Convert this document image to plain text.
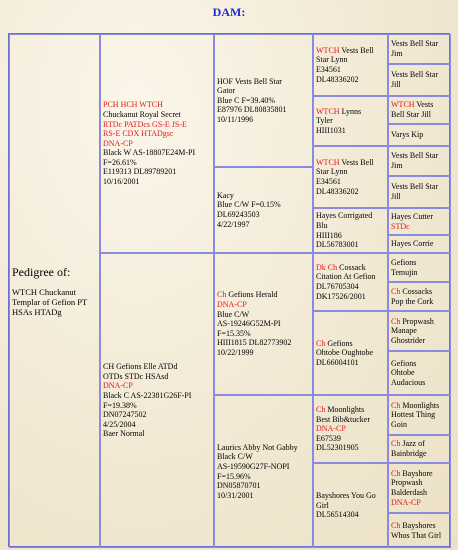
DAM:
Pedigree of:
WTCH Chuckanut
Templar of Gefion PT
HSAs HTADg
PCH HCH WTCH
Chuckanut Royal Secret
RTDc PATDcs GS-E JS-E
RS-E CDX HTADgsc
DNA-CP
Black W AS-18807E24M-PI
F=26.61%
E119313 DL89789201
10/16/2001
CH Gefions Elle ATDd
OTDs STDc HSAsd
DNA-CP
Black C AS-22381G26F-PI
F=19.38%
DN07247502
4/25/2004
Baer Normal
HOF Vests Bell Star
Gator
Blue C F=39.40%
E87976 DL80835801
10/11/1996
Kacy
Blue C/W F=0.15%
DL69243503
4/22/1997
Ch Gefions Herald
DNA-CP
Blue C/W
AS-19246G52M-PI
F=15.35%
HIII1815 DL82773902
10/22/1999
Laurics Abby Not Gabby
Black C/W
AS-19590G27F-NOPI
F=15.96%
DN05870701
10/31/2001
WTCH Vests Bell
Star Lynn
E34561
DL48336202
WTCH Lynns
Tyler
HIII1031
WTCH Vests Bell
Star Lynn
E34561
DL48336202
Hayes Corrigated
Blu
HIII186
DL56783001
Dk Ch Cossack
Citation At Gefion
DL76705304
DK17526/2001
Ch Gefions
Ohtobe Oughtobe
DL66004101
Ch Moonlights
Best Bib&tucker
DNA-CP
E67539
DL52301905
Bayshores You Go
Girl
DL56514304
Vests Bell Star
Jim
Vests Bell Star
Jill
WTCH Vests
Bell Star Jill
Varys Kip
Vests Bell Star
Jim
Vests Bell Star
Jill
Hayes Cutter
STDc
Hayes Corrie
Gefions
Temujin
Ch Cossacks
Pop the Cork
Ch Propwash
Manape
Ghostrider
Gefions
Ohtobe
Audacious
Ch Moonlights
Hottest Thing
Goin
Ch Jazz of
Bainbridge
Ch Bayshore
Propwash
Balderdash
DNA-CP
Ch Bayshores
Whos That Girl
